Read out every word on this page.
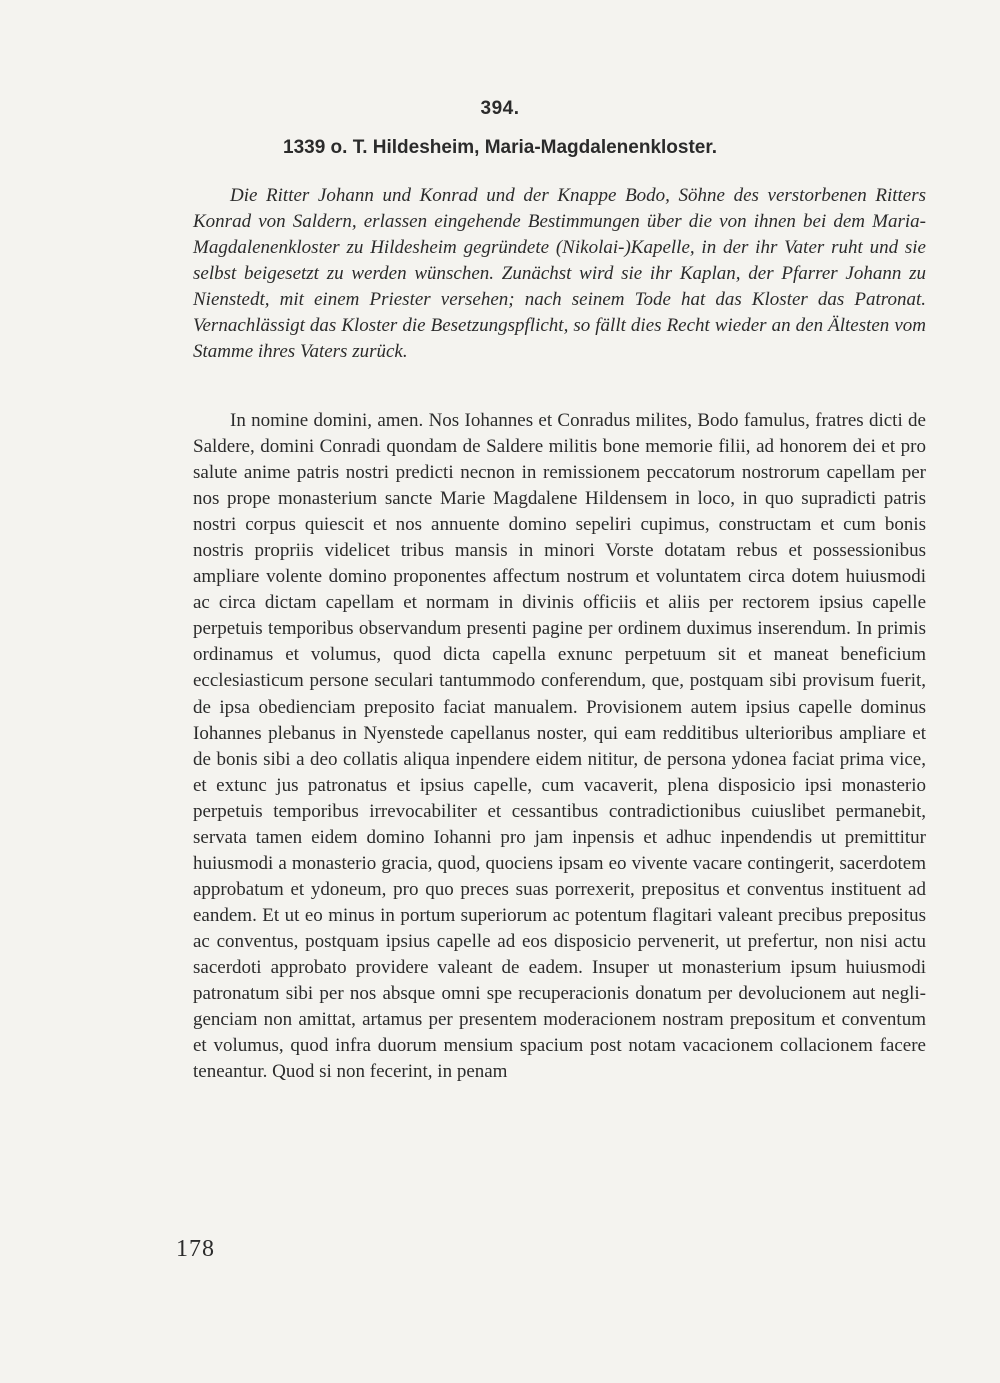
394.
1339 o. T. Hildesheim, Maria-Magdalenenkloster.

Die Ritter Johann und Konrad und der Knappe Bodo, Söhne des verstorbenen Ritters Konrad von Saldern, erlassen eingehende Bestimmungen über die von ihnen bei dem Maria-Magdalenenkloster zu Hildesheim gegründete (Nikolai-)Kapelle, in der ihr Vater ruht und sie selbst beigesetzt zu werden wünschen. Zunächst wird sie ihr Kaplan, der Pfarrer Johann zu Nienstedt, mit einem Priester versehen; nach seinem Tode hat das Kloster das Patronat. Vernachlässigt das Kloster die Besetzungspflicht, so fällt dies Recht wieder an den Ältesten vom Stamme ihres Vaters zurück.

In nomine domini, amen. Nos Iohannes et Conradus milites, Bodo famulus, fratres dicti de Saldere, domini Conradi quondam de Saldere militis bone memorie filii, ad honorem dei et pro salute anime patris nostri predicti necnon in remissionem peccatorum nostrorum capellam per nos prope monasterium sancte Marie Magdalene Hildensem in loco, in quo supradicti patris nostri corpus quiescit et nos annuente domino sepeliri cupimus, constructam et cum bonis nostris propriis videlicet tribus mansis in minori Vorste dotatam rebus et possessionibus ampliare volente domino proponentes affectum nostrum et voluntatem circa dotem huiusmodi ac circa dictam capellam et normam in divinis officiis et aliis per rectorem ipsius capelle perpetuis temporibus observandum presenti pagine per ordinem duximus inserendum. In primis ordinamus et volumus, quod dicta capella exnunc perpetuum sit et maneat beneficium ecclesiasticum persone seculari tantummodo conferendum, que, postquam sibi provisum fuerit, de ipsa obedienciam preposito faciat manualem. Provisionem autem ipsius capelle dominus Iohannes plebanus in Nyenstede capellanus noster, qui eam redditibus ulterioribus ampliare et de bonis sibi a deo collatis aliqua inpendere eidem nititur, de persona ydonea faciat prima vice, et extunc jus patronatus et ipsius capelle, cum vacaverit, plena disposicio ipsi monasterio perpetuis temporibus irrevocabiliter et cessantibus contradictionibus cuiuslibet permanebit, servata tamen eidem domino Iohanni pro jam inpensis et adhuc inpendendis ut premittitur huiusmodi a monasterio gracia, quod, quociens ipsam eo vivente vacare contingerit, sacerdotem approbatum et ydoneum, pro quo preces suas porrexerit, prepositus et conventus instituent ad eandem. Et ut eo minus in portum superiorum ac potentum flagitari valeant precibus prepositus ac conventus, postquam ipsius capelle ad eos disposicio pervenerit, ut prefertur, non nisi actu sacerdoti approbato providere valeant de eadem. Insuper ut monasterium ipsum huiusmodi patronatum sibi per nos absque omni spe recuperacionis donatum per devolucionem aut negligenciam non amittat, artamus per presentem moderacionem nostram prepositum et conventum et volumus, quod infra duorum mensium spacium post notam vacacionem collacionem facere teneantur. Quod si non fecerint, in penam

178
